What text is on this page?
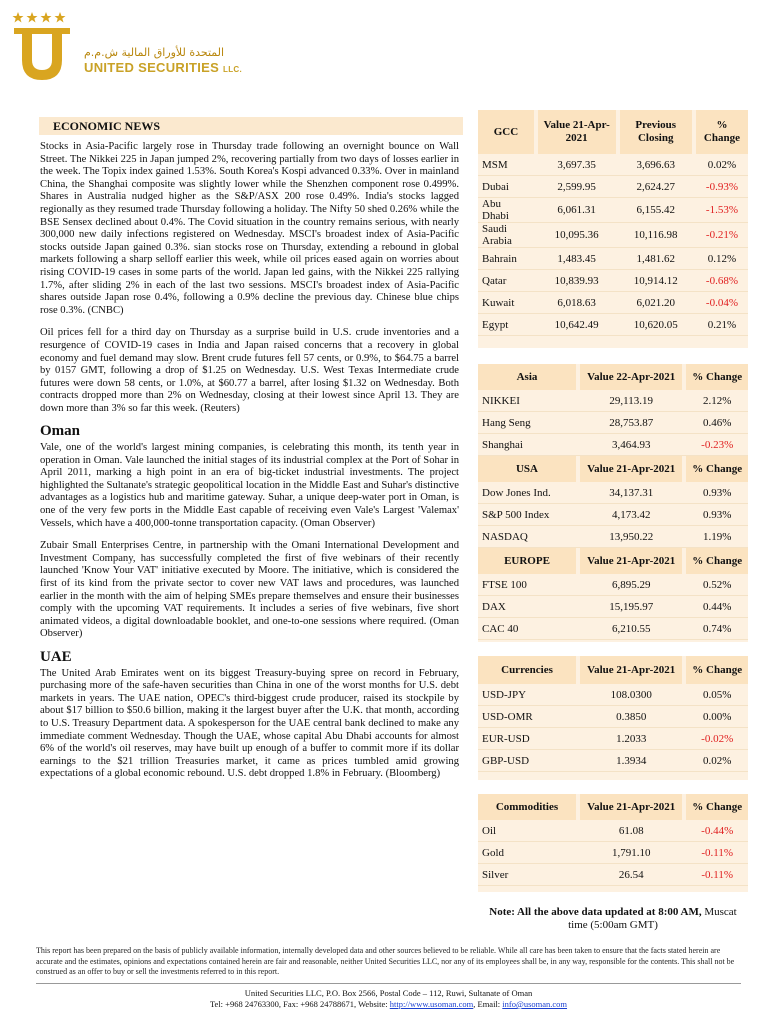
المتحدة للأوراق المالية ش.م.م
UNITED SECURITIES LLC.
ECONOMIC NEWS
Stocks in Asia-Pacific largely rose in Thursday trade following an overnight bounce on Wall Street. The Nikkei 225 in Japan jumped 2%, recovering partially from two days of losses earlier in the week. The Topix index gained 1.53%. South Korea's Kospi advanced 0.33%. Over in mainland China, the Shanghai composite was slightly lower while the Shenzhen component rose 0.499%. Shares in Australia nudged higher as the S&P/ASX 200 rose 0.49%. India's stocks lagged regionally as they resumed trade Thursday following a holiday. The Nifty 50 shed 0.26% while the BSE Sensex declined about 0.4%. The Covid situation in the country remains serious, with nearly 300,000 new daily infections registered on Wednesday. MSCI's broadest index of Asia-Pacific stocks outside Japan gained 0.3%. sian stocks rose on Thursday, extending a rebound in global markets following a sharp selloff earlier this week, while oil prices eased again on worries about rising COVID-19 cases in some parts of the world. Japan led gains, with the Nikkei 225 rallying 1.7%, after sliding 2% in each of the last two sessions. MSCI's broadest index of Asia-Pacific shares outside Japan rose 0.4%, following a 0.9% decline the previous day. Chinese blue chips rose 0.3%. (CNBC)
Oil prices fell for a third day on Thursday as a surprise build in U.S. crude inventories and a resurgence of COVID-19 cases in India and Japan raised concerns that a recovery in global economy and fuel demand may slow. Brent crude futures fell 57 cents, or 0.9%, to $64.75 a barrel by 0157 GMT, following a drop of $1.25 on Wednesday. U.S. West Texas Intermediate crude futures were down 58 cents, or 1.0%, at $60.77 a barrel, after losing $1.32 on Wednesday. Both contracts dropped more than 2% on Wednesday, closing at their lowest since April 13. They are down more than 3% so far this week. (Reuters)
Oman
Vale, one of the world's largest mining companies, is celebrating this month, its tenth year in operation in Oman. Vale launched the initial stages of its industrial complex at the Port of Sohar in April 2011, marking a high point in an era of big-ticket industrial investments. The project highlighted the Sultanate's strategic geopolitical location in the Middle East and Suhar's distinctive advantages as a logistics hub and maritime gateway. Suhar, a unique deep-water port in Oman, is one of the very few ports in the Middle East capable of receiving even Vale's Largest 'Valemax' Vessels, which have a 400,000-tonne transportation capacity. (Oman Observer)
Zubair Small Enterprises Centre, in partnership with the Omani International Development and Investment Company, has successfully completed the first of five webinars of their recently launched 'Know Your VAT' initiative executed by Moore. The initiative, which is considered the first of its kind from the private sector to cover new VAT laws and procedures, was launched earlier in the month with the aim of helping SMEs prepare themselves and ensure their businesses comply with the upcoming VAT requirements. It includes a series of five webinars, five short animated videos, a digital downloadable booklet, and one-to-one sessions where required. (Oman Observer)
UAE
The United Arab Emirates went on its biggest Treasury-buying spree on record in February, purchasing more of the safe-haven securities than China in one of the worst months for U.S. debt markets in years. The UAE nation, OPEC's third-biggest crude producer, raised its stockpile by about $17 billion to $50.6 billion, making it the largest buyer after the U.K. that month, according to U.S. Treasury Department data. A spokesperson for the UAE central bank declined to make any immediate comment Wednesday. Though the UAE, whose capital Abu Dhabi accounts for almost 6% of the world's oil reserves, may have built up enough of a buffer to commit more if its dollar earnings to the $21 trillion Treasuries market, it came as prices tumbled amid growing expectations of a global economic rebound. U.S. debt dropped 1.8% in February. (Bloomberg)
GCC		Value 21-Apr-2021		Previous Closing		% Change
MSM		3,697.35		3,696.63		0.02%
Dubai		2,599.95		2,624.27		-0.93%
Abu Dhabi		6,061.31		6,155.42		-1.53%
Saudi Arabia		10,095.36		10,116.98		-0.21%
Bahrain		1,483.45		1,481.62		0.12%
Qatar		10,839.93		10,914.12		-0.68%
Kuwait		6,018.63		6,021.20		-0.04%
Egypt		10,642.49		10,620.05		0.21%
Asia		Value 22-Apr-2021		% Change
NIKKEI		29,113.19		2.12%
Hang Seng		28,753.87		0.46%
Shanghai		3,464.93		-0.23%
USA		Value 21-Apr-2021		% Change
Dow Jones Ind.		34,137.31		0.93%
S&P 500 Index		4,173.42		0.93%
NASDAQ		13,950.22		1.19%
EUROPE		Value 21-Apr-2021		% Change
FTSE 100		6,895.29		0.52%
DAX		15,195.97		0.44%
CAC 40		6,210.55		0.74%
Currencies		Value 21-Apr-2021		% Change
USD-JPY		108.0300		0.05%
USD-OMR		0.3850		0.00%
EUR-USD		1.2033		-0.02%
GBP-USD		1.3934		0.02%
Commodities		Value 21-Apr-2021		% Change
Oil		61.08		-0.44%
Gold		1,791.10		-0.11%
Silver		26.54		-0.11%
Note: All the above data updated at 8:00 AM, Muscat time (5:00am GMT)
This report has been prepared on the basis of publicly available information, internally developed data and other sources believed to be reliable. While all care has been taken to ensure that the facts stated herein are accurate and the estimates, opinions and expectations contained herein are fair and reasonable, neither United Securities LLC, nor any of its employees shall be, in any way, responsible for the contents. This shall not be construed as an offer to buy or sell the investments referred to in this report.
United Securities LLC, P.O. Box 2566, Postal Code – 112, Ruwi, Sultanate of Oman
Tel: +968 24763300, Fax: +968 24788671, Website: http://www.usoman.com, Email: info@usoman.com
